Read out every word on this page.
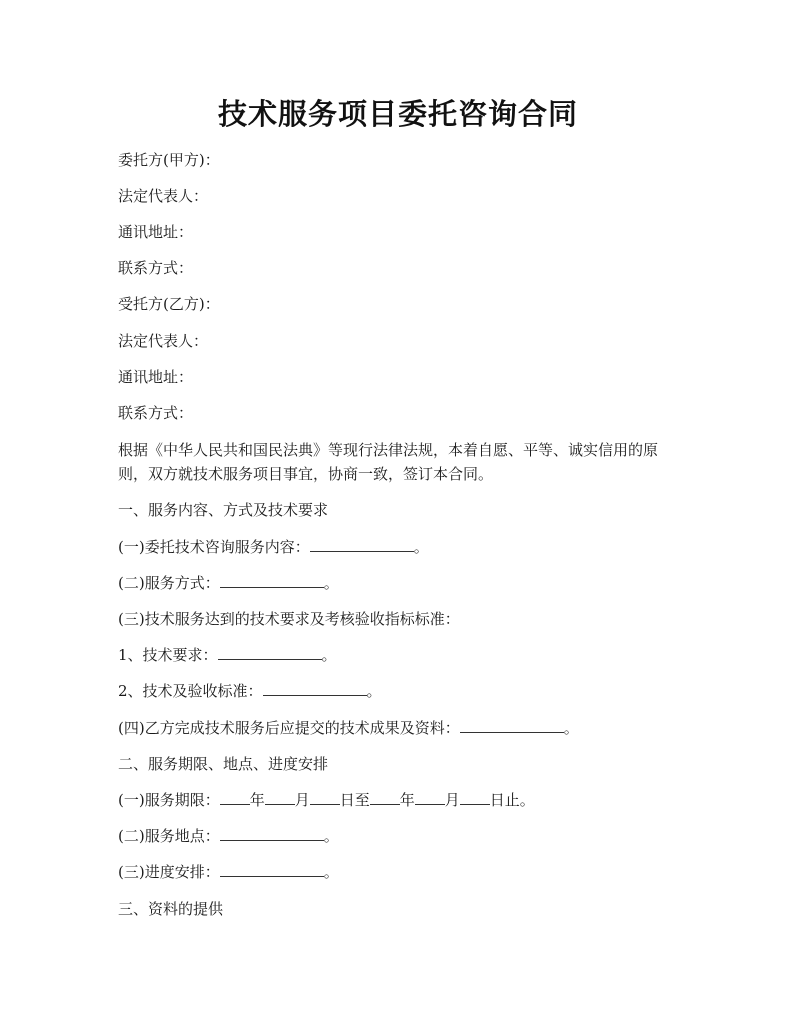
技术服务项目委托咨询合同

委托方(甲方)：

法定代表人：

通讯地址：

联系方式：

受托方(乙方)：

法定代表人：

通讯地址：

联系方式：

根据《中华人民共和国民法典》等现行法律法规，本着自愿、平等、诚实信用的原
则，双方就技术服务项目事宜，协商一致，签订本合同。

一、服务内容、方式及技术要求

(一)委托技术咨询服务内容：	。

(二)服务方式：	。

(三)技术服务达到的技术要求及考核验收指标标准：

1、技术要求：	。

2、技术及验收标准：	。

(四)乙方完成技术服务后应提交的技术成果及资料：	。

二、服务期限、地点、进度安排

(一)服务期限： 年 月 日至 年 月 日止。

(二)服务地点：	。

(三)进度安排：	。

三、资料的提供
